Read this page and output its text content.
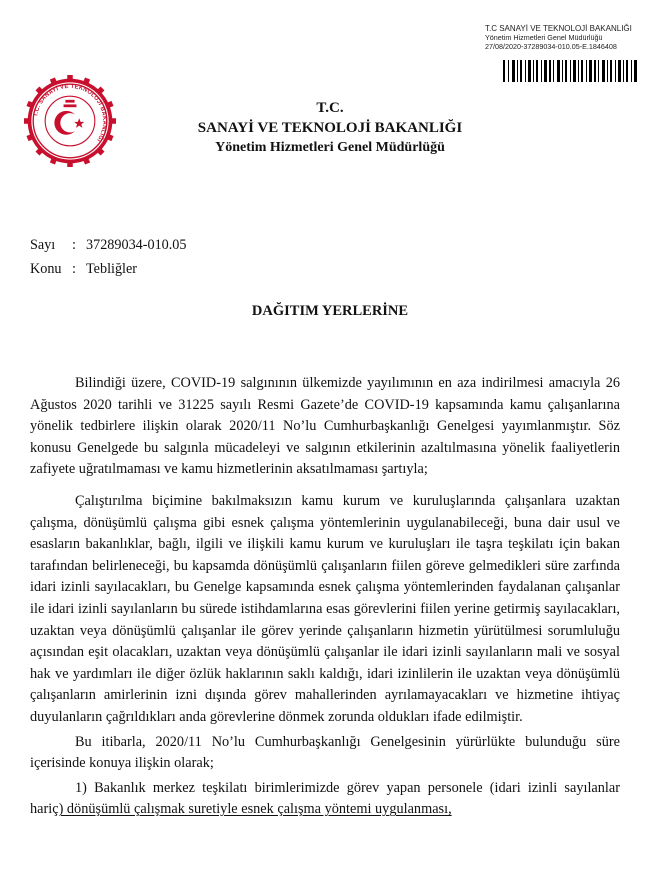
T.C SANAYİ VE TEKNOLOJİ BAKANLIĞI
Yönetim Hizmetleri Genel Müdürlüğü
27/08/2020-37289034-010.05-E.1846408
T.C. SANAYİ VE TEKNOLOJİ BAKANLIĞI
T.C.
SANAYİ VE TEKNOLOJİ BAKANLIĞI
Yönetim Hizmetleri Genel Müdürlüğü
Sayı	: 37289034-010.05
Konu : Tebliğler
DAĞITIM YERLERİNE

Bilindiği üzere, COVID-19 salgınının ülkemizde yayılımının en aza indirilmesi amacıyla 26 Ağustos 2020 tarihli ve 31225 sayılı Resmi Gazete’de COVID-19 kapsamında kamu çalışanlarına yönelik tedbirlere ilişkin olarak 2020/11 No’lu Cumhurbaşkanlığı Genelgesi yayımlanmıştır. Söz konusu Genelgede bu salgınla mücadeleyi ve salgının etkilerinin azaltılmasına yönelik faaliyetlerin zafiyete uğratılmaması ve kamu hizmetlerinin aksatılmaması şartıyla;

Çalıştırılma biçimine bakılmaksızın kamu kurum ve kuruluşlarında çalışanlara uzaktan çalışma, dönüşümlü çalışma gibi esnek çalışma yöntemlerinin uygulanabileceği, buna dair usul ve esasların bakanlıklar, bağlı, ilgili ve ilişkili kamu kurum ve kuruluşları ile taşra teşkilatı için bakan tarafından belirleneceği, bu kapsamda dönüşümlü çalışanların fiilen göreve gelmedikleri süre zarfında idari izinli sayılacakları, bu Genelge kapsamında esnek çalışma yöntemlerinden faydalanan çalışanlar ile idari izinli sayılanların bu sürede istihdamlarına esas görevlerini fiilen yerine getirmiş sayılacakları, uzaktan veya dönüşümlü çalışanlar ile görev yerinde çalışanların hizmetin yürütülmesi sorumluluğu açısından eşit olacakları, uzaktan veya dönüşümlü çalışanlar ile idari izinli sayılanların mali ve sosyal hak ve yardımları ile diğer özlük haklarının saklı kaldığı, idari izinlilerin ile uzaktan veya dönüşümlü çalışanların amirlerinin izni dışında görev mahallerinden ayrılamayacakları ve hizmetine ihtiyaç duyulanların çağrıldıkları anda görevlerine dönmek zorunda oldukları ifade edilmiştir.

Bu itibarla, 2020/11 No’lu Cumhurbaşkanlığı Genelgesinin yürürlükte bulunduğu süre içerisinde konuya ilişkin olarak;

1) Bakanlık merkez teşkilatı birimlerimizde görev yapan personele (idari izinli sayılanlar hariç) dönüşümlü çalışmak suretiyle esnek çalışma yöntemi uygulanması,
